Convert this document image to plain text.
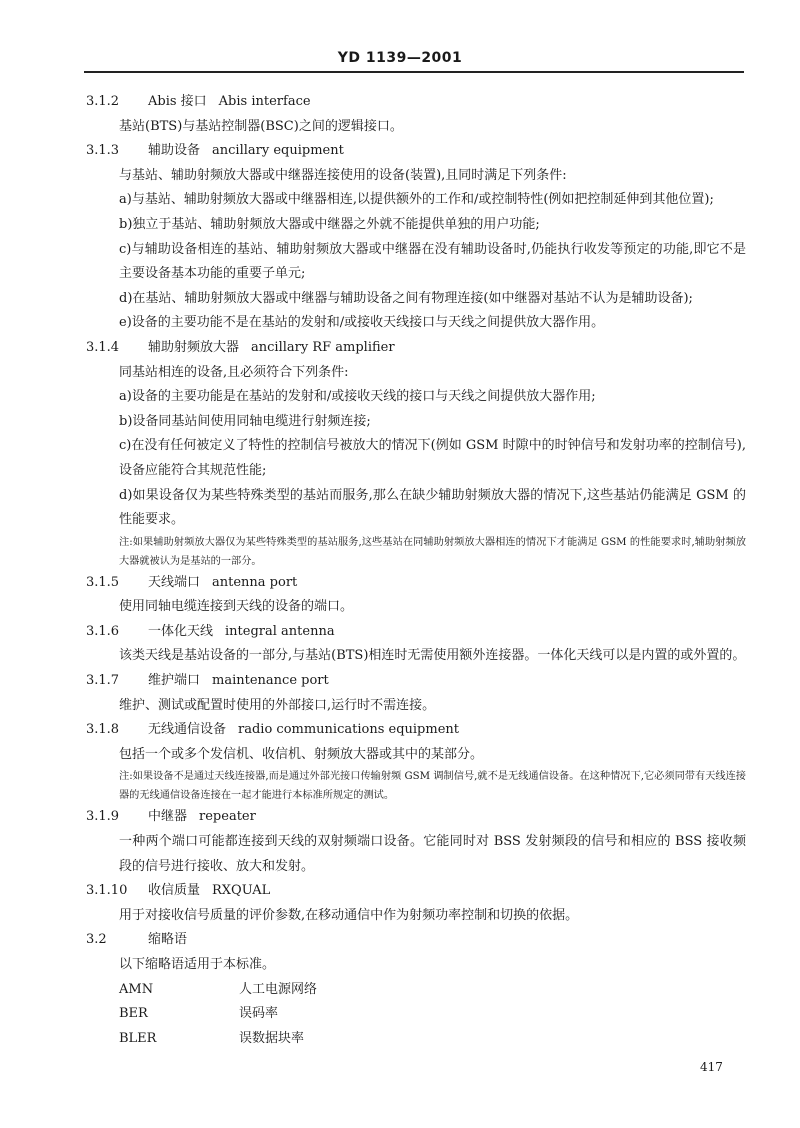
YD 1139—2001
3.1.2 Abis 接口 Abis interface
基站(BTS)与基站控制器(BSC)之间的逻辑接口。
3.1.3 辅助设备 ancillary equipment
与基站、辅助射频放大器或中继器连接使用的设备(装置),且同时满足下列条件:
a)与基站、辅助射频放大器或中继器相连,以提供额外的工作和/或控制特性(例如把控制延伸到其他位置);
b)独立于基站、辅助射频放大器或中继器之外就不能提供单独的用户功能;
c)与辅助设备相连的基站、辅助射频放大器或中继器在没有辅助设备时,仍能执行收发等预定的功能,即它不是主要设备基本功能的重要子单元;
d)在基站、辅助射频放大器或中继器与辅助设备之间有物理连接(如中继器对基站不认为是辅助设备);
e)设备的主要功能不是在基站的发射和/或接收天线接口与天线之间提供放大器作用。
3.1.4 辅助射频放大器 ancillary RF amplifier
同基站相连的设备,且必须符合下列条件:
a)设备的主要功能是在基站的发射和/或接收天线的接口与天线之间提供放大器作用;
b)设备同基站间使用同轴电缆进行射频连接;
c)在没有任何被定义了特性的控制信号被放大的情况下(例如 GSM 时隙中的时钟信号和发射功率的控制信号),设备应能符合其规范性能;
d)如果设备仅为某些特殊类型的基站而服务,那么在缺少辅助射频放大器的情况下,这些基站仍能满足 GSM 的性能要求。
注:如果辅助射频放大器仅为某些特殊类型的基站服务,这些基站在同辅助射频放大器相连的情况下才能满足 GSM 的性能要求时,辅助射频放大器就被认为是基站的一部分。
3.1.5 天线端口 antenna port
使用同轴电缆连接到天线的设备的端口。
3.1.6 一体化天线 integral antenna
该类天线是基站设备的一部分,与基站(BTS)相连时无需使用额外连接器。一体化天线可以是内置的或外置的。
3.1.7 维护端口 maintenance port
维护、测试或配置时使用的外部接口,运行时不需连接。
3.1.8 无线通信设备 radio communications equipment
包括一个或多个发信机、收信机、射频放大器或其中的某部分。
注:如果设备不是通过天线连接器,而是通过外部光接口传输射频 GSM 调制信号,就不是无线通信设备。在这种情况下,它必须同带有天线连接器的无线通信设备连接在一起才能进行本标准所规定的测试。
3.1.9 中继器 repeater
一种两个端口可能都连接到天线的双射频端口设备。它能同时对 BSS 发射频段的信号和相应的 BSS 接收频段的信号进行接收、放大和发射。
3.1.10 收信质量 RXQUAL
用于对接收信号质量的评价参数,在移动通信中作为射频功率控制和切换的依据。
3.2	缩略语
以下缩略语适用于本标准。
AMN	人工电源网络
BER	误码率
BLER	误数据块率
417
